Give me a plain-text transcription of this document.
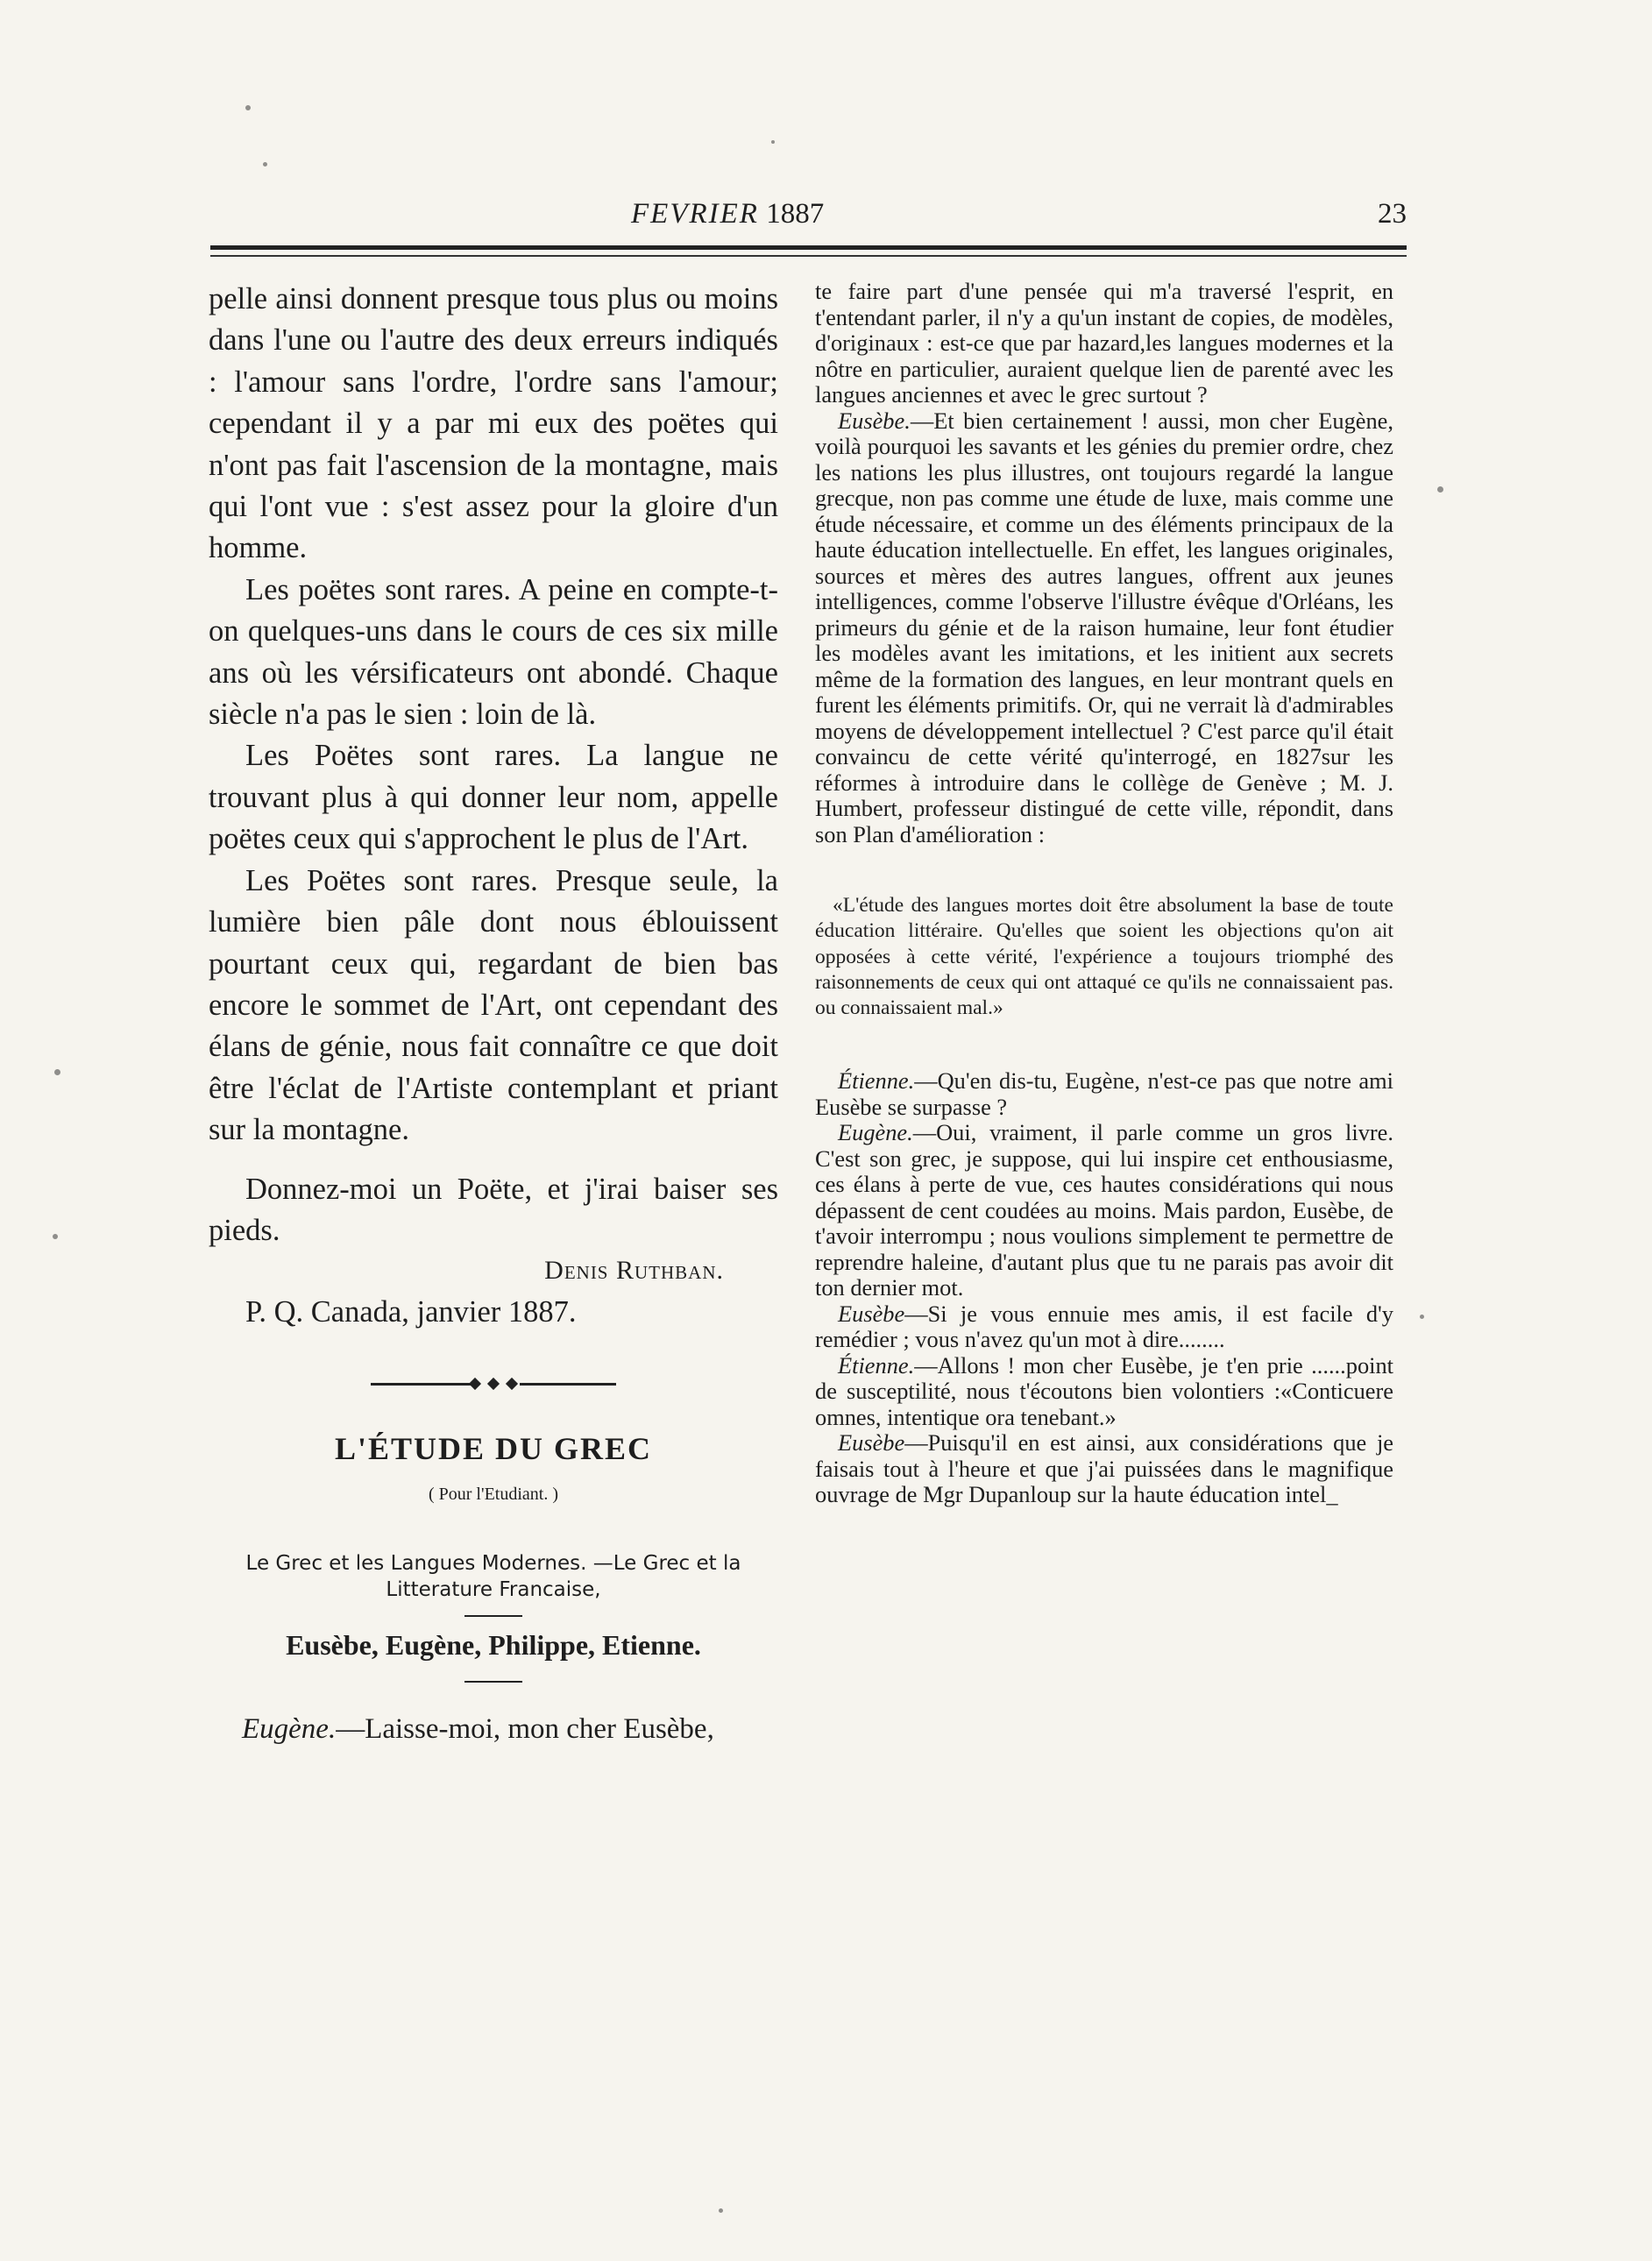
FEVRIER 1887	23

pelle ainsi donnent presque tous plus ou moins dans l'une ou l'autre des deux erreurs indiqués : l'amour sans l'ordre, l'ordre sans l'amour; cependant il y a par mi eux des poëtes qui n'ont pas fait l'ascension de la montagne, mais qui l'ont vue : s'est assez pour la gloire d'un homme.

Les poëtes sont rares. A peine en compte-t-on quelques-uns dans le cours de ces six mille ans où les vérsificateurs ont abondé. Chaque siècle n'a pas le sien : loin de là.

Les Poëtes sont rares. La langue ne trouvant plus à qui donner leur nom, appelle poëtes ceux qui s'approchent le plus de l'Art.

Les Poëtes sont rares. Presque seule, la lumière bien pâle dont nous éblouissent pourtant ceux qui, regardant de bien bas encore le sommet de l'Art, ont cependant des élans de génie, nous fait connaître ce que doit être l'éclat de l'Artiste contemplant et priant sur la montagne.

Donnez-moi un Poëte, et j'irai baiser ses pieds.

Denis Ruthban.
P. Q. Canada, janvier 1887.
L'ÉTUDE DU GREC
( Pour l'Etudiant. )
Le Grec et les Langues Modernes. —Le Grec et la Litterature Francaise,
Eusèbe, Eugène, Philippe, Etienne.

Eugène.—Laisse-moi, mon cher Eusèbe,

te faire part d'une pensée qui m'a traversé l'esprit, en t'entendant parler, il n'y a qu'un instant de copies, de modèles, d'originaux : est-ce que par hazard,les langues modernes et la nôtre en particulier, auraient quelque lien de parenté avec les langues anciennes et avec le grec surtout ?

Eusèbe.—Et bien certainement ! aussi, mon cher Eugène, voilà pourquoi les savants et les génies du premier ordre, chez les nations les plus illustres, ont toujours regardé la langue grecque, non pas comme une étude de luxe, mais comme une étude nécessaire, et comme un des éléments principaux de la haute éducation intellectuelle. En effet, les langues originales, sources et mères des autres langues, offrent aux jeunes intelligences, comme l'observe l'illustre évêque d'Orléans, les primeurs du génie et de la raison humaine, leur font étudier les modèles avant les imitations, et les initient aux secrets même de la formation des langues, en leur montrant quels en furent les éléments primitifs. Or, qui ne verrait là d'admirables moyens de développement intellectuel ? C'est parce qu'il était convaincu de cette vérité qu'interrogé, en 1827sur les réformes à introduire dans le collège de Genève ; M. J. Humbert, professeur distingué de cette ville, répondit, dans son Plan d'amélioration :

«L'étude des langues mortes doit être absolument la base de toute éducation littéraire. Qu'elles que soient les objections qu'on ait opposées à cette vérité, l'expérience a toujours triomphé des raisonnements de ceux qui ont attaqué ce qu'ils ne connaissaient pas. ou connaissaient mal.»

Étienne.—Qu'en dis-tu, Eugène, n'est-ce pas que notre ami Eusèbe se surpasse ?

Eugène.—Oui, vraiment, il parle comme un gros livre. C'est son grec, je suppose, qui lui inspire cet enthousiasme, ces élans à perte de vue, ces hautes considérations qui nous dépassent de cent coudées au moins. Mais pardon, Eusèbe, de t'avoir interrompu ; nous voulions simplement te permettre de reprendre haleine, d'autant plus que tu ne parais pas avoir dit ton dernier mot.

Eusèbe—Si je vous ennuie mes amis, il est facile d'y remédier ; vous n'avez qu'un mot à dire........

Étienne.—Allons ! mon cher Eusèbe, je t'en prie ......point de susceptilité, nous t'écoutons bien volontiers :«Conticuere omnes, intentique ora tenebant.»

Eusèbe—Puisqu'il en est ainsi, aux considérations que je faisais tout à l'heure et que j'ai puissées dans le magnifique ouvrage de Mgr Dupanloup sur la haute éducation intel_
